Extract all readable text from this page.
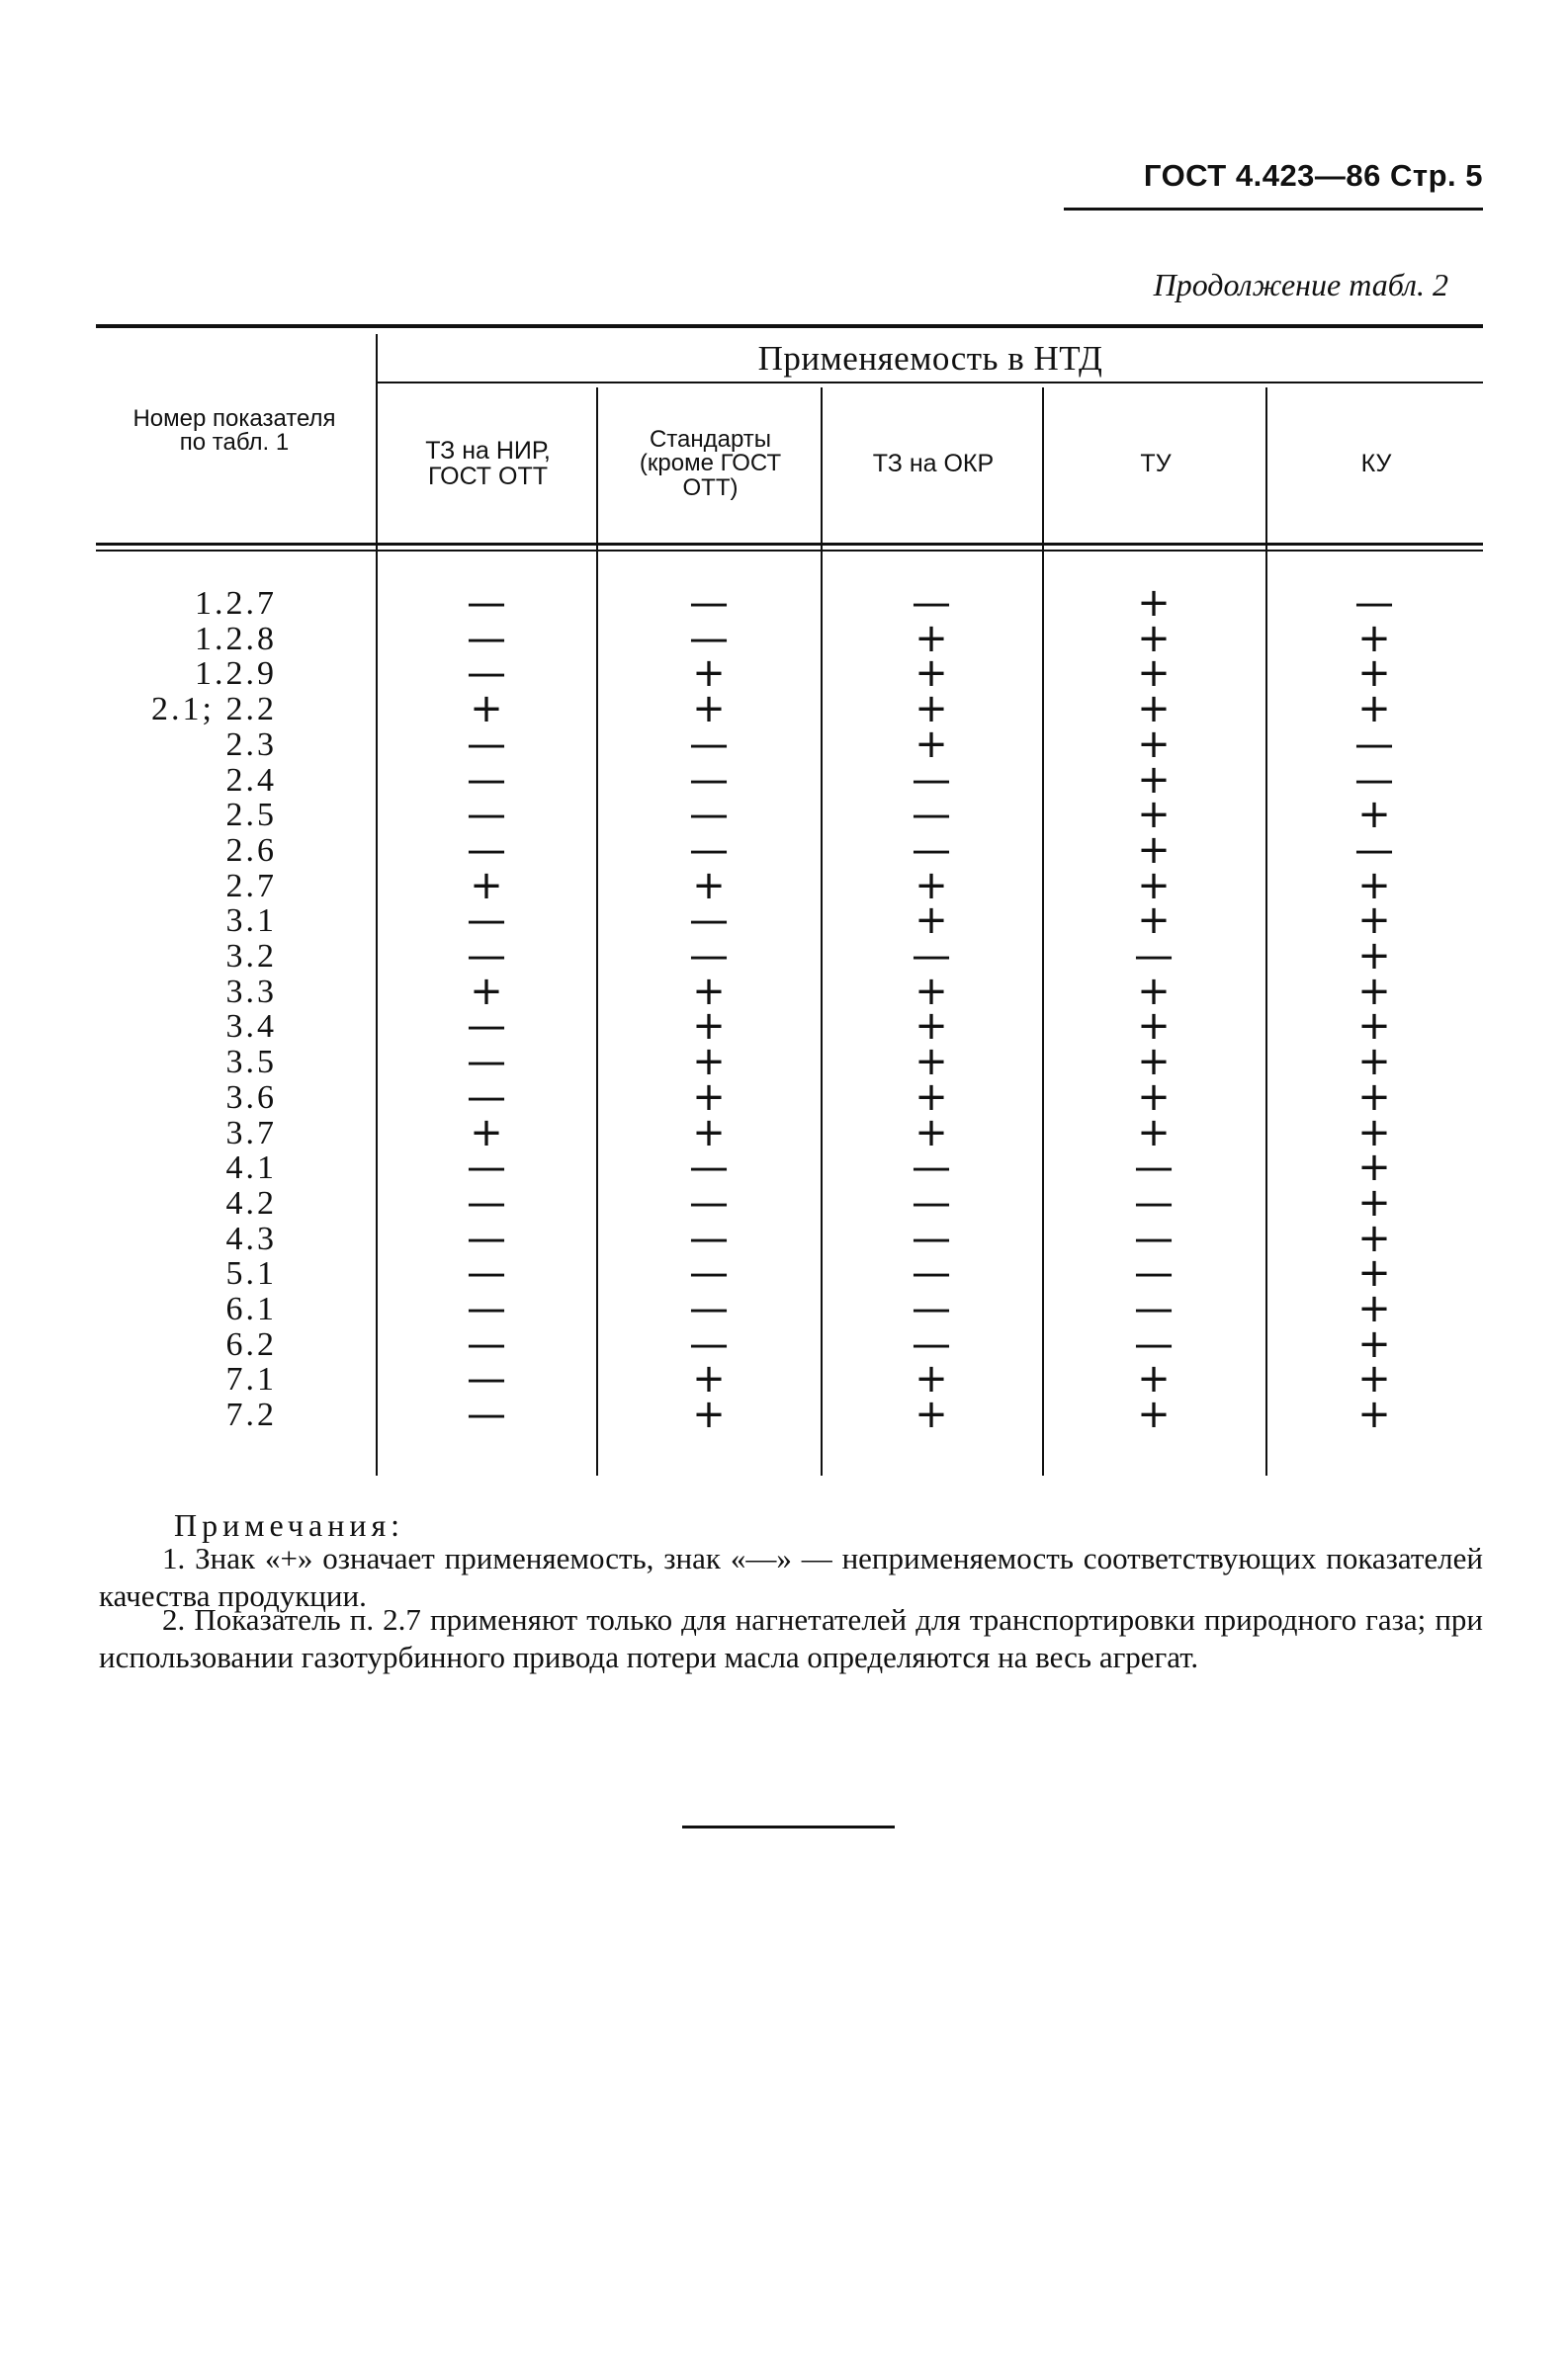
ГОСТ 4.423—86 Стр. 5
Продолжение табл. 2
Номер показателя
по табл. 1
Применяемость в НТД
ТЗ на НИР,
ГОСТ ОТТ
Стандарты
(кроме ГОСТ
ОТТ)
ТЗ на ОКР	ТУ	КУ
1.2.7	—	—	—	+	—
1.2.8	—	—	+	+	+
1.2.9	—	+	+	+	+
2.1; 2.2	+	+	+	+	+
2.3	—	—	+	+	—
2.4	—	—	—	+	—
2.5	—	—	—	+	+
2.6	—	—	—	+	—
2.7	+	+	+	+	+
3.1	—	—	+	+	+
3.2	—	—	—	—	+
3.3	+	+	+	+	+
3.4	—	+	+	+	+
3.5	—	+	+	+	+
3.6	—	+	+	+	+
3.7	+	+	+	+	+
4.1	—	—	—	—	+
4.2	—	—	—	—	+
4.3	—	—	—	—	+
5.1	—	—	—	—	+
6.1	—	—	—	—	+
6.2	—	—	—	—	+
7.1	—	+	+	+	+
7.2	—	+	+	+	+
Примечания:
1. Знак «+» означает применяемость, знак «—» — неприменяемость соответствующих показателей качества продукции.
2. Показатель п. 2.7 применяют только для нагнетателей для транспортировки природного газа; при использовании газотурбинного привода потери масла определяются на весь агрегат.
